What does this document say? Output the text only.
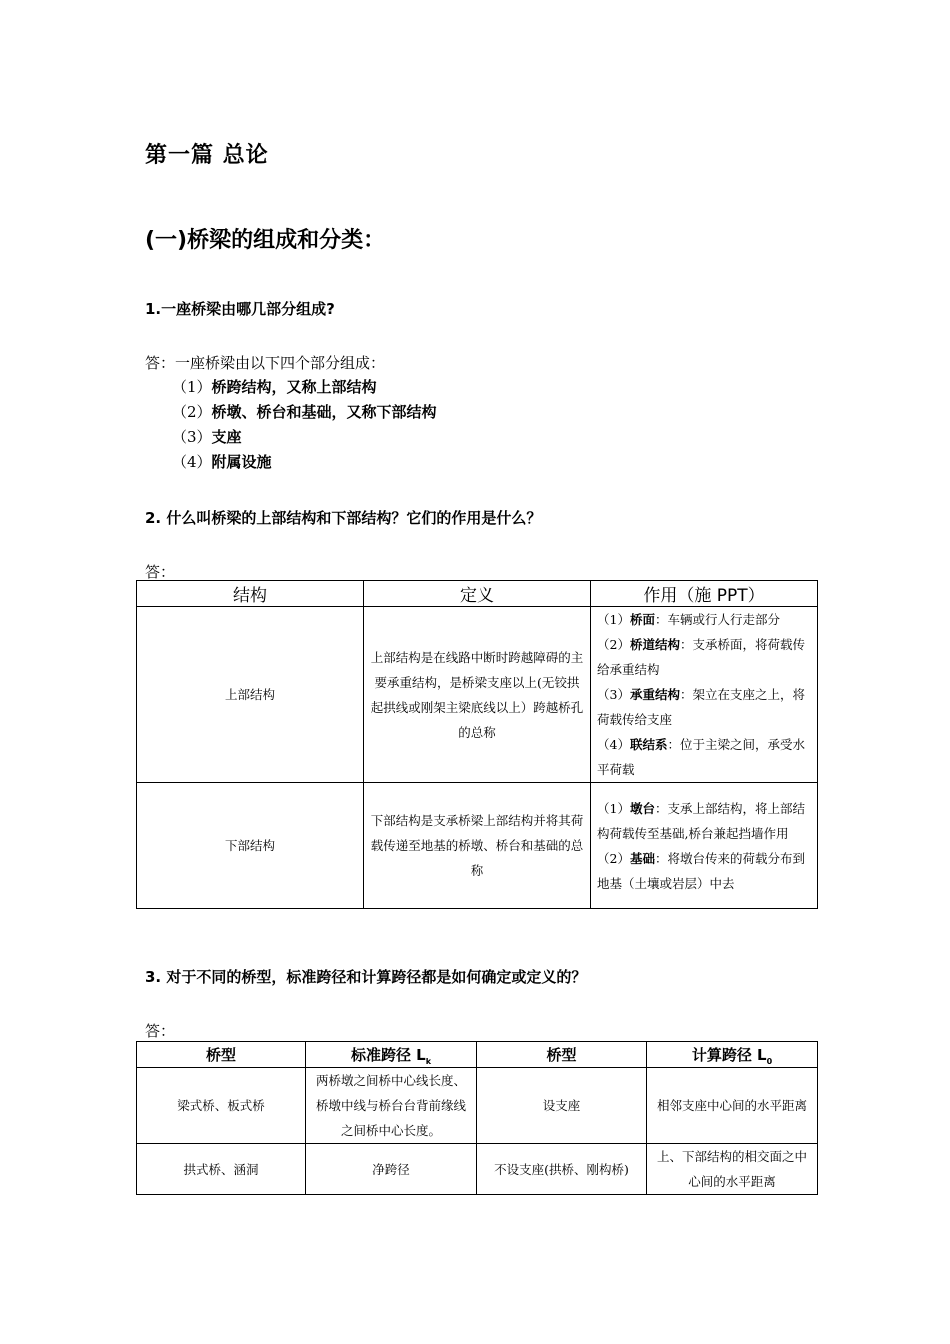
第一篇 总论
(一)桥梁的组成和分类：
1.一座桥梁由哪几部分组成?
答：一座桥梁由以下四个部分组成：
（1）桥跨结构，又称上部结构
（2）桥墩、桥台和基础，又称下部结构
（3）支座
（4）附属设施
2. 什么叫桥梁的上部结构和下部结构？它们的作用是什么？
答：
结构	定义	作用（施 PPT）
上部结构	上部结构是在线路中断时跨越障碍的主要承重结构，是桥梁支座以上(无铰拱起拱线或刚架主梁底线以上）跨越桥孔的总称	（1）桥面：车辆或行人行走部分
（2）桥道结构：支承桥面，将荷载传给承重结构
（3）承重结构：架立在支座之上，将荷载传给支座
（4）联结系：位于主梁之间，承受水平荷载

下部结构	下部结构是支承桥梁上部结构并将其荷载传递至地基的桥墩、桥台和基础的总称	（1）墩台：支承上部结构，将上部结构荷载传至基础,桥台兼起挡墙作用
（2）基础：将墩台传来的荷载分布到地基（土壤或岩层）中去
3. 对于不同的桥型，标准跨径和计算跨径都是如何确定或定义的？
答：
桥型	标准跨径 $L_k$	桥型	计算跨径 $L_0$
梁式桥、板式桥	两桥墩之间桥中心线长度、桥墩中线与桥台台背前缘线之间桥中心长度。	设支座	相邻支座中心间的水平距离
拱式桥、涵洞	净跨径	不设支座(拱桥、刚构桥)	上、下部结构的相交面之中心间的水平距离
